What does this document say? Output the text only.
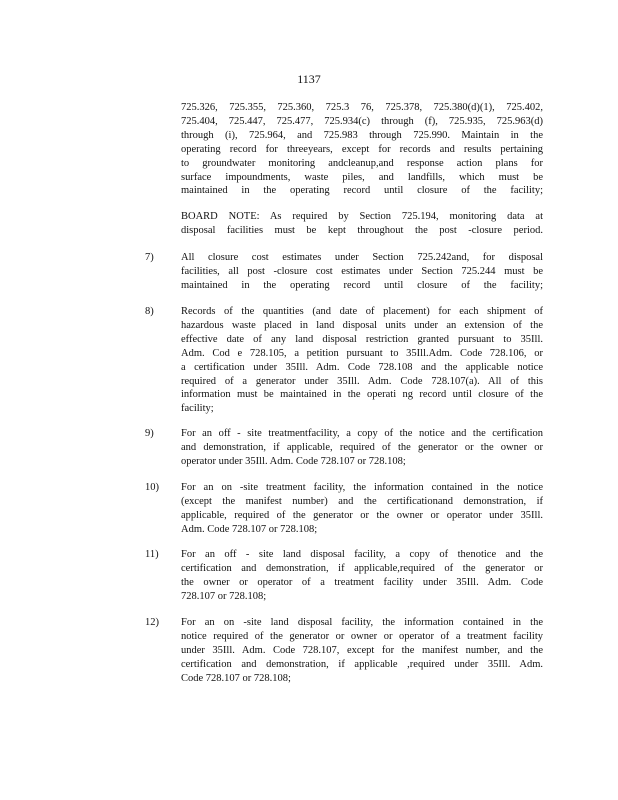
1137
725.326, 725.355, 725.360, 725.3 76, 725.378, 725.380(d)(1), 725.402,
725.404, 725.447, 725.477, 725.934(c) through (f), 725.935, 725.963(d)
through (i), 725.964, and 725.983 through 725.990. Maintain in the
operating record for threeyears, except for records and results pertaining
to groundwater monitoring andcleanup,and response action plans for
surface impoundments, waste piles, and landfills, which must be
maintained in the operating record until closure of the facility;
BOARD NOTE: As required by Section 725.194, monitoring data at
disposal facilities must be kept throughout the post -closure period.
7)	All closure cost estimates under Section 725.242and, for disposal
facilities, all post -closure cost estimates under Section 725.244 must be
maintained in the operating record until closure of the facility;
8)	Records of the quantities (and date of placement) for each shipment of
hazardous waste placed in land disposal units under an extension of the
effective date of any land disposal restriction granted pursuant to 35Ill.
Adm. Cod e 728.105, a petition pursuant to 35Ill.Adm. Code 728.106, or
a certification under 35Ill. Adm. Code 728.108 and the applicable notice
required of a generator under 35Ill. Adm. Code 728.107(a). All of this
information must be maintained in the operati ng record until closure of the
facility;
9)	For an off - site treatmentfacility, a copy of the notice and the certification
and demonstration, if applicable, required of the generator or the owner or
operator under 35Ill. Adm. Code 728.107 or 728.108;
10) For an on -site treatment facility, the information contained in the notice
(except the manifest number) and the certificationand demonstration, if
applicable, required of the generator or the owner or operator under 35Ill.
Adm. Code 728.107 or 728.108;
11) For an off - site land disposal facility, a copy of thenotice and the
certification and demonstration, if applicable,required of the generator or
the owner or operator of a treatment facility under 35Ill. Adm. Code
728.107 or 728.108;
12) For an on -site land disposal facility, the information contained in the
notice required of the generator or owner or operator of a treatment facility
under 35Ill. Adm. Code 728.107, except for the manifest number, and the
certification and demonstration, if applicable ,required under 35Ill. Adm.
Code 728.107 or 728.108;
